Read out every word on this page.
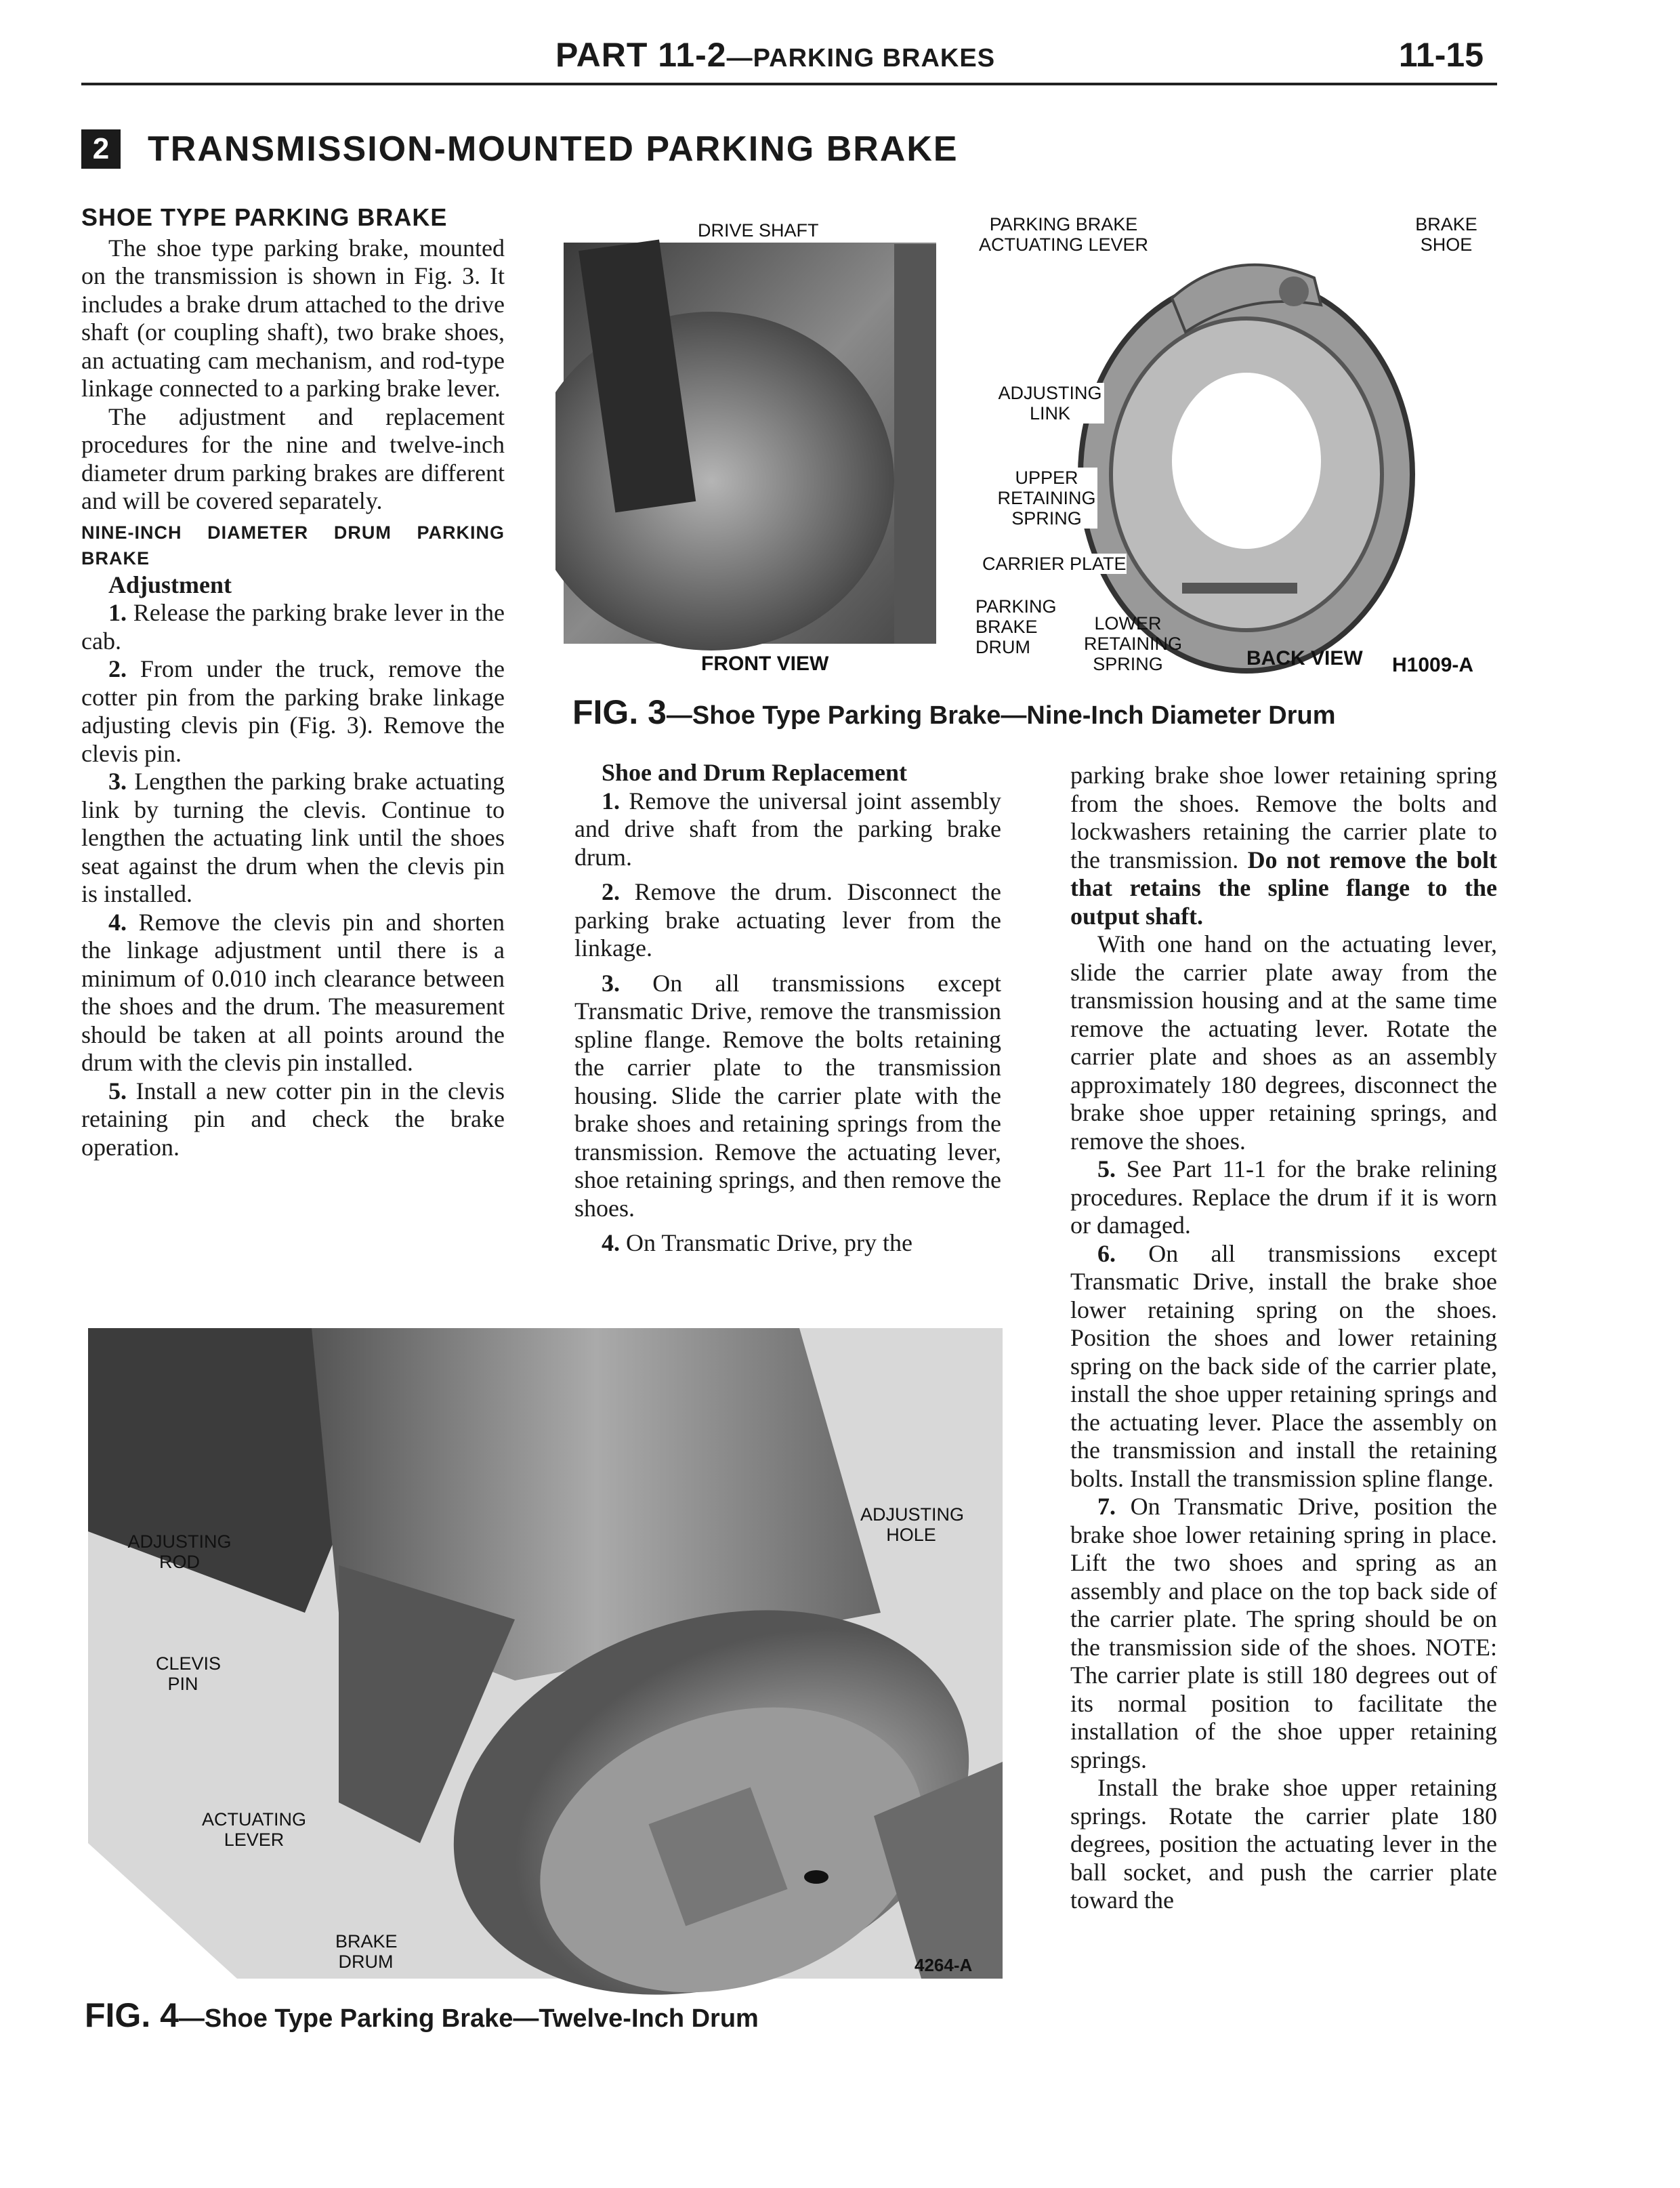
PART 11-2—PARKING BRAKES	11-15
2	TRANSMISSION-MOUNTED PARKING BRAKE
SHOE TYPE PARKING BRAKE

The shoe type parking brake, mounted on the transmission is shown in Fig. 3. It includes a brake drum attached to the drive shaft (or coupling shaft), two brake shoes, an actuating cam mechanism, and rod-type linkage connected to a parking brake lever.

The adjustment and replacement procedures for the nine and twelve-inch diameter drum parking brakes are different and will be covered separately.

NINE-INCH DIAMETER DRUM PARKING BRAKE
Adjustment

1. Release the parking brake lever in the cab.

2. From under the truck, remove the cotter pin from the parking brake linkage adjusting clevis pin (Fig. 3). Remove the clevis pin.

3. Lengthen the parking brake actuating link by turning the clevis. Continue to lengthen the actuating link until the shoes seat against the drum when the clevis pin is installed.

4. Remove the clevis pin and shorten the linkage adjustment until there is a minimum of 0.010 inch clearance between the shoes and the drum. The measurement should be taken at all points around the drum with the clevis pin installed.

5. Install a new cotter pin in the clevis retaining pin and check the brake operation.

DRIVE SHAFT	PARKING BRAKE ACTUATING LEVER
BRAKE SHOE
ADJUSTING LINK
UPPER RETAINING SPRING
CARRIER PLATE
PARKING BRAKE DRUM
LOWER RETAINING SPRING
FRONT VIEW	BACK VIEW H1009-A
FIG. 3—Shoe Type Parking Brake—Nine-Inch Diameter Drum
Shoe and Drum Replacement

1. Remove the universal joint assembly and drive shaft from the parking brake drum.

2. Remove the drum. Disconnect the parking brake actuating lever from the linkage.

3. On all transmissions except Transmatic Drive, remove the transmission spline flange. Remove the bolts retaining the carrier plate to the transmission housing. Slide the carrier plate with the brake shoes and retaining springs from the transmission. Remove the actuating lever, shoe retaining springs, and then remove the shoes.

4. On Transmatic Drive, pry the

parking brake shoe lower retaining spring from the shoes. Remove the bolts and lockwashers retaining the carrier plate to the transmission. Do not remove the bolt that retains the spline flange to the output shaft.

With one hand on the actuating lever, slide the carrier plate away from the transmission housing and at the same time remove the actuating lever. Rotate the carrier plate and shoes as an assembly approximately 180 degrees, disconnect the brake shoe upper retaining springs, and remove the shoes.

5. See Part 11-1 for the brake relining procedures. Replace the drum if it is worn or damaged.

6. On all transmissions except Transmatic Drive, install the brake shoe lower retaining spring on the shoes. Position the shoes and lower retaining spring on the back side of the carrier plate, install the shoe upper retaining springs and the actuating lever. Place the assembly on the transmission and install the retaining bolts. Install the transmission spline flange.

7. On Transmatic Drive, position the brake shoe lower retaining spring in place. Lift the two shoes and spring as an assembly and place on the top back side of the carrier plate. The spring should be on the transmission side of the shoes. NOTE: The carrier plate is still 180 degrees out of its normal position to facilitate the installation of the shoe upper retaining springs.

Install the brake shoe upper retaining springs. Rotate the carrier plate 180 degrees, position the actuating lever in the ball socket, and push the carrier plate toward the

ADJUSTING ROD
CLEVIS PIN
ACTUATING LEVER
BRAKE DRUM
ADJUSTING HOLE
4264-A
FIG. 4—Shoe Type Parking Brake—Twelve-Inch Drum
